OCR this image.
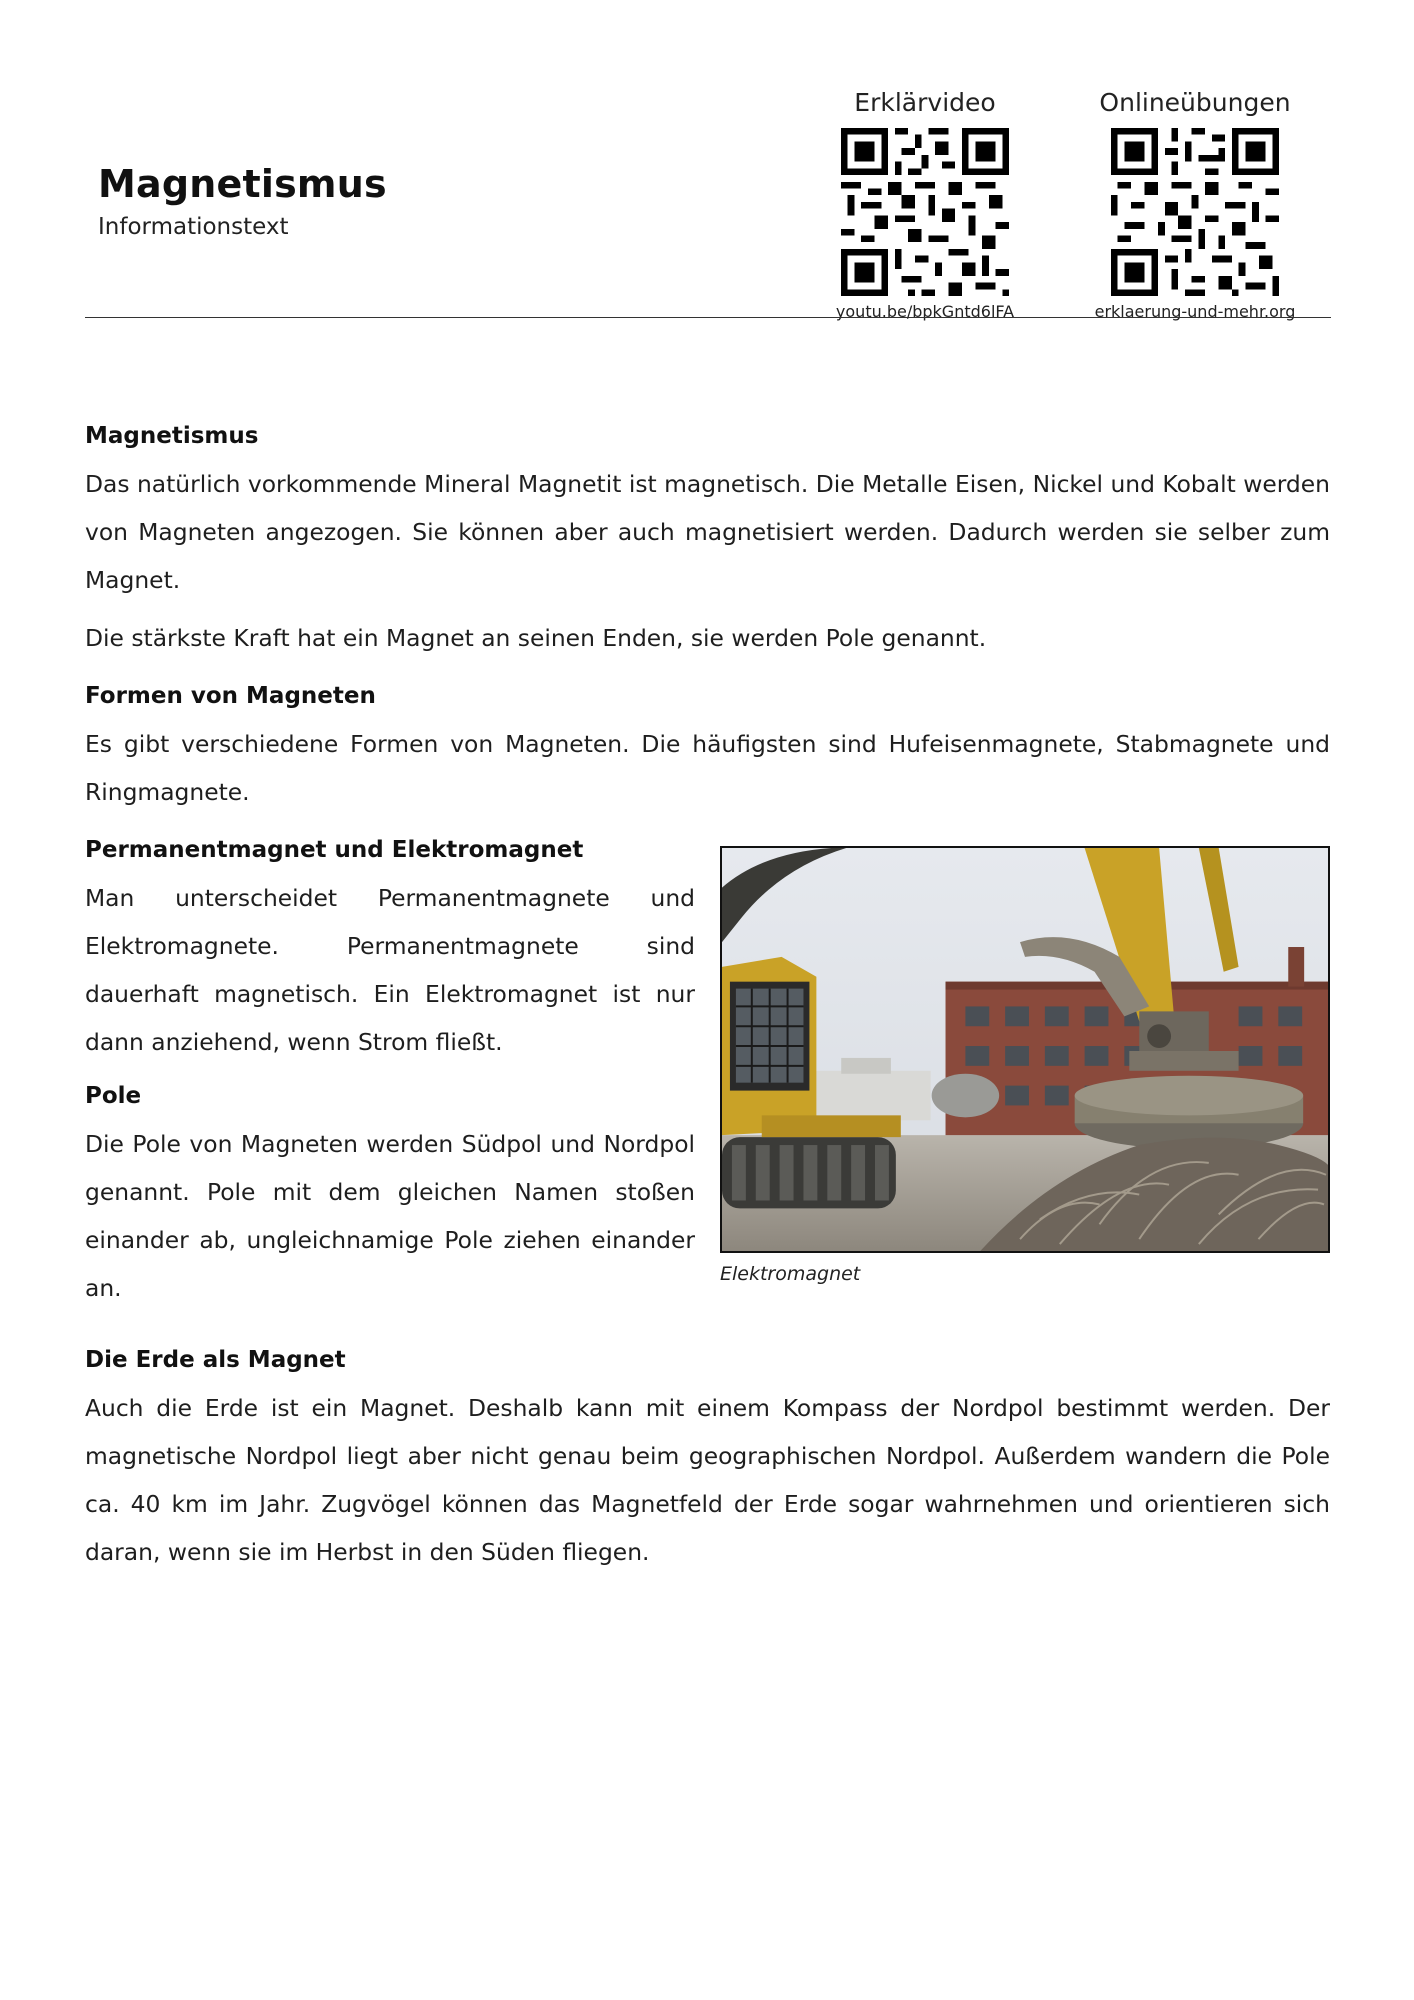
Magnetismus
Informationstext
Erklärvideo
youtu.be/bpkGntd6lFA
Onlineübungen
erklaerung-und-mehr.org
Magnetismus

Das natürlich vorkommende Mineral Magnetit ist magnetisch. Die Metalle Eisen, Nickel und Kobalt werden von Magneten angezogen. Sie können aber auch magnetisiert werden. Dadurch werden sie selber zum Magnet.

Die stärkste Kraft hat ein Magnet an seinen Enden, sie werden Pole genannt.

Formen von Magneten

Es gibt verschiedene Formen von Magneten. Die häufigsten sind Hufeisenmagnete, Stabmagnete und Ringmagnete.

Permanentmagnet und Elektromagnet

Man unterscheidet Permanentmagnete und Elektromagnete. Permanentmagnete sind dauerhaft magnetisch. Ein Elektromagnet ist nur dann anziehend, wenn Strom fließt.

Pole

Die Pole von Magneten werden Südpol und Nordpol genannt. Pole mit dem gleichen Namen stoßen einander ab, ungleichnamige Pole ziehen einander an.	Elektromagnet
Die Erde als Magnet

Auch die Erde ist ein Magnet. Deshalb kann mit einem Kompass der Nordpol bestimmt werden. Der magnetische Nordpol liegt aber nicht genau beim geographischen Nordpol. Außerdem wandern die Pole ca. 40 km im Jahr. Zugvögel können das Magnetfeld der Erde sogar wahrnehmen und orientieren sich daran, wenn sie im Herbst in den Süden fliegen.
